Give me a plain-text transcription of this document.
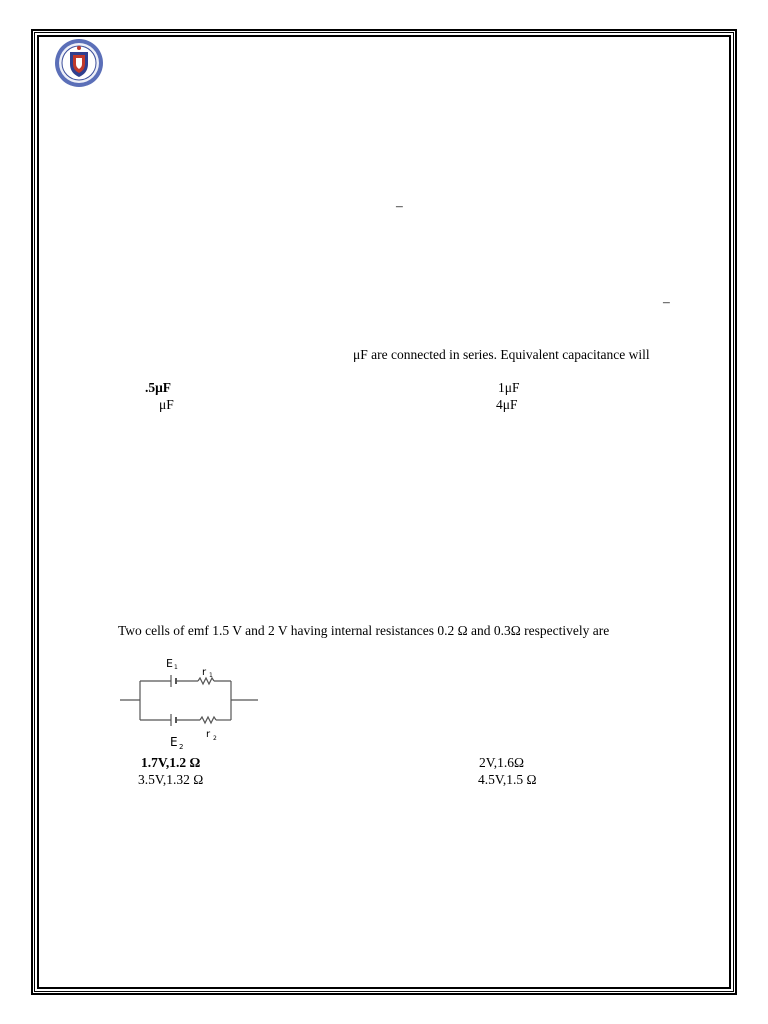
–
–
μF are connected in series. Equivalent capacitance will
.5μF	1μF
μF	4μF
Two cells of emf 1.5 V and 2 V having internal resistances 0.2 Ω and 0.3Ω respectively are
E 1 r 1
E 2
r 2
1.7V,1.2 Ω	2V,1.6Ω
3.5V,1.32 Ω	4.5V,1.5 Ω
